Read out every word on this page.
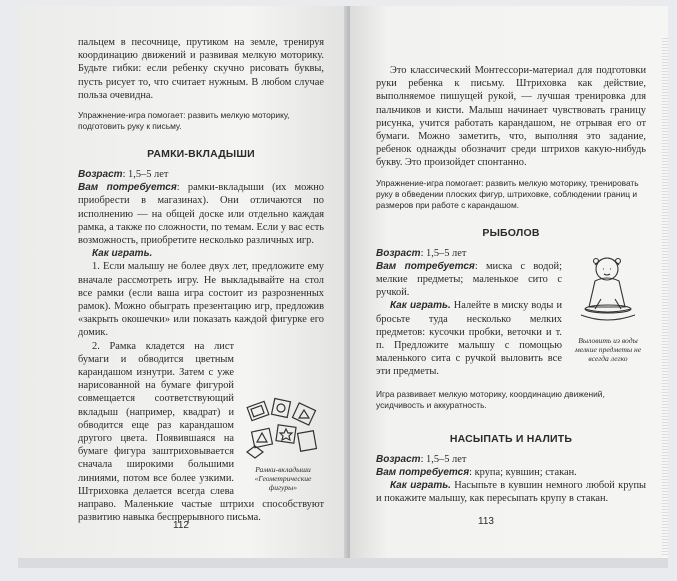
пальцем в песочнице, прутиком на земле, тренируя координацию движений и развивая мелкую моторику. Будьте гибки: если ребенку скучно рисовать буквы, пусть рисует то, что считает нужным. В любом случае польза очевидна.

Упражнение-игра помогает: развить мелкую моторику, подготовить руку к письму.

РАМКИ-ВКЛАДЫШИ

Возраст: 1,5–5 лет

Вам потребуется: рамки-вкладыши (их можно приобрести в магазинах). Они отличаются по исполнению — на общей доске или отдельно каждая рамка, а также по сложности, по темам. Если у вас есть возможность, приобретите несколько различных игр.

Как играть.

1. Если малышу не более двух лет, предложите ему вначале рассмотреть игру. Не выкладывайте на стол все рамки (если ваша игра состоит из разрозненных рамок). Можно обыграть презентацию игр, предложив «закрыть окошечки» или показать каждой фигурке его домик.

Рамки-вкладыши «Геометрические фигуры»

2. Рамка кладется на лист бумаги и обводится цветным карандашом изнутри. Затем с уже нарисованной на бумаге фигурой совмещается соответствующий вкладыш (например, квадрат) и обводится еще раз карандашом другого цвета. Появившаяся на бумаге фигура заштриховывается сначала широкими большими линиями, потом все более узкими. Штриховка делается всегда слева направо. Маленькие частые штрихи способствуют развитию навыка беспрерывного письма.

112

Это классический Монтессори-материал для подготовки руки ребенка к письму. Штриховка как действие, выполняемое пишущей рукой, — лучшая тренировка для пальчиков и кисти. Малыш начинает чувствовать границу рисунка, учится работать карандашом, не отрывая его от бумаги. Можно заметить, что, выполняя это задание, ребенок однажды обозначит среди штрихов какую-нибудь букву. Это произойдет спонтанно.

Упражнение-игра помогает: развить мелкую моторику, тренировать руку в обведении плоских фигур, штриховке, соблюдении границ и размеров при работе с карандашом.

РЫБОЛОВ
Выловить из воды мелкие предметы не всегда легко

Возраст: 1,5–5 лет

Вам потребуется: миска с водой; мелкие предметы; маленькое сито с ручкой.

Как играть. Налейте в миску воды и бросьте туда несколько мелких предметов: кусочки пробки, веточки и т. п. Предложите малышу с помощью маленького сита с ручкой выловить все эти предметы.

Игра развивает мелкую моторику, координацию движений, усидчивость и аккуратность.

НАСЫПАТЬ И НАЛИТЬ

Возраст: 1,5–5 лет

Вам потребуется: крупа; кувшин; стакан.

Как играть. Насыпьте в кувшин немного любой крупы и покажите малышу, как пересыпать крупу в стакан.

113
